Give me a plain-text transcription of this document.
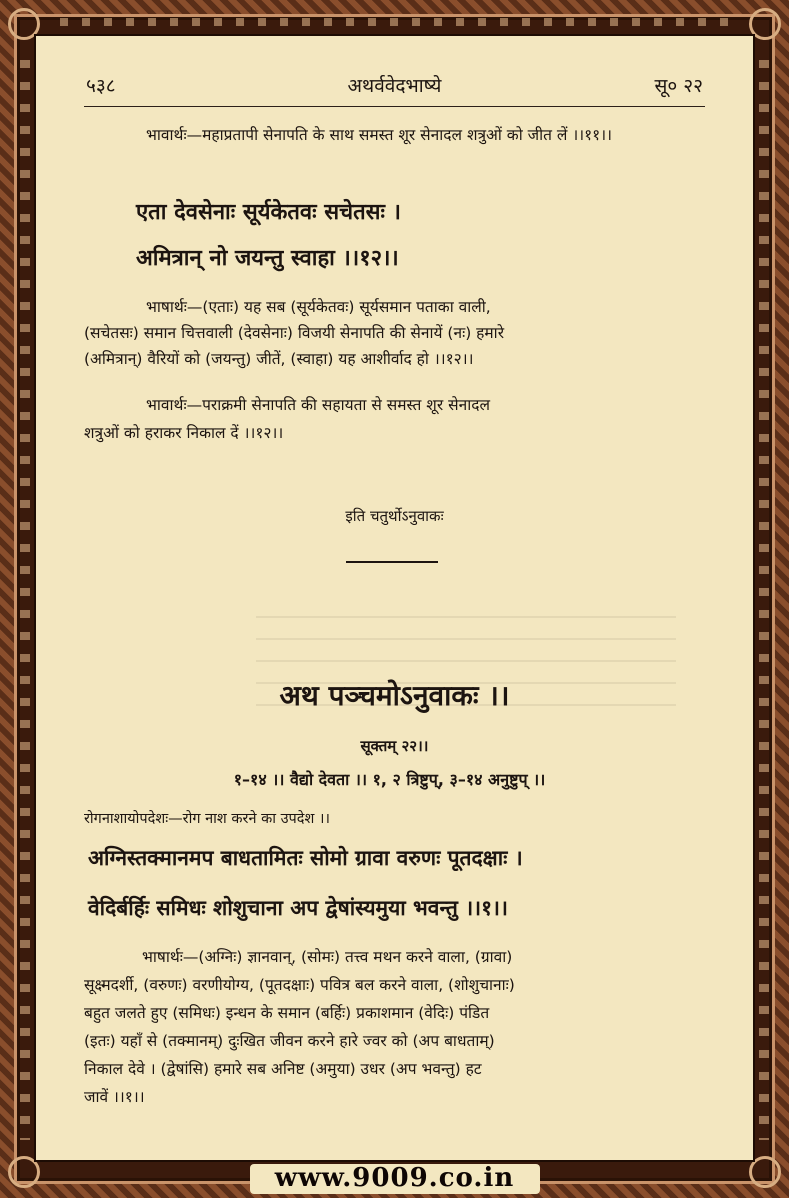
५३८	अथर्ववेदभाष्ये	सू० २२
भावार्थः—महाप्रतापी सेनापति के साथ समस्त शूर सेनादल शत्रुओं को जीत लें ।।११।।
एता देवसेनाः सूर्यकेतवः सचेतसः ।
अमित्रान् नो जयन्तु स्वाहा ।।१२।।
भाषार्थः—(एताः) यह सब (सूर्यकेतवः) सूर्यसमान पताका वाली,
(सचेतसः) समान चित्तवाली (देवसेनाः) विजयी सेनापति की सेनायें (नः) हमारे
(अमित्रान्) वैरियों को (जयन्तु) जीतें, (स्वाहा) यह आशीर्वाद हो ।।१२।।
भावार्थः—पराक्रमी सेनापति की सहायता से समस्त शूर सेनादल
शत्रुओं को हराकर निकाल दें ।।१२।।
इति चतुर्थोऽनुवाकः
अथ पञ्चमोऽनुवाकः ।।
सूक्तम् २२।।
१–१४ ।। वैद्यो देवता ।। १, २ त्रिष्टुप्, ३–१४ अनुष्टुप् ।।
रोगनाशायोपदेशः—रोग नाश करने का उपदेश ।।
अग्निस्तक्मानमप बाधतामितः सोमो ग्रावा वरुणः पूतदक्षाः ।
वेदिर्बर्हिः समिधः शोशुचाना अप द्वेषांस्यमुया भवन्तु ।।१।।
भाषार्थः—(अग्निः) ज्ञानवान्, (सोमः) तत्त्व मथन करने वाला, (ग्रावा)
सूक्ष्मदर्शी, (वरुणः) वरणीयोग्य, (पूतदक्षाः) पवित्र बल करने वाला, (शोशुचानाः)
बहुत जलते हुए (समिधः) इन्धन के समान (बर्हिः) प्रकाशमान (वेदिः) पंडित
(इतः) यहाँ से (तक्मानम्) दुःखित जीवन करने हारे ज्वर को (अप बाधताम्)
निकाल देवे । (द्वेषांसि) हमारे सब अनिष्ट (अमुया) उधर (अप भवन्तु) हट
जावें ।।१।।
www.9009.co.in
